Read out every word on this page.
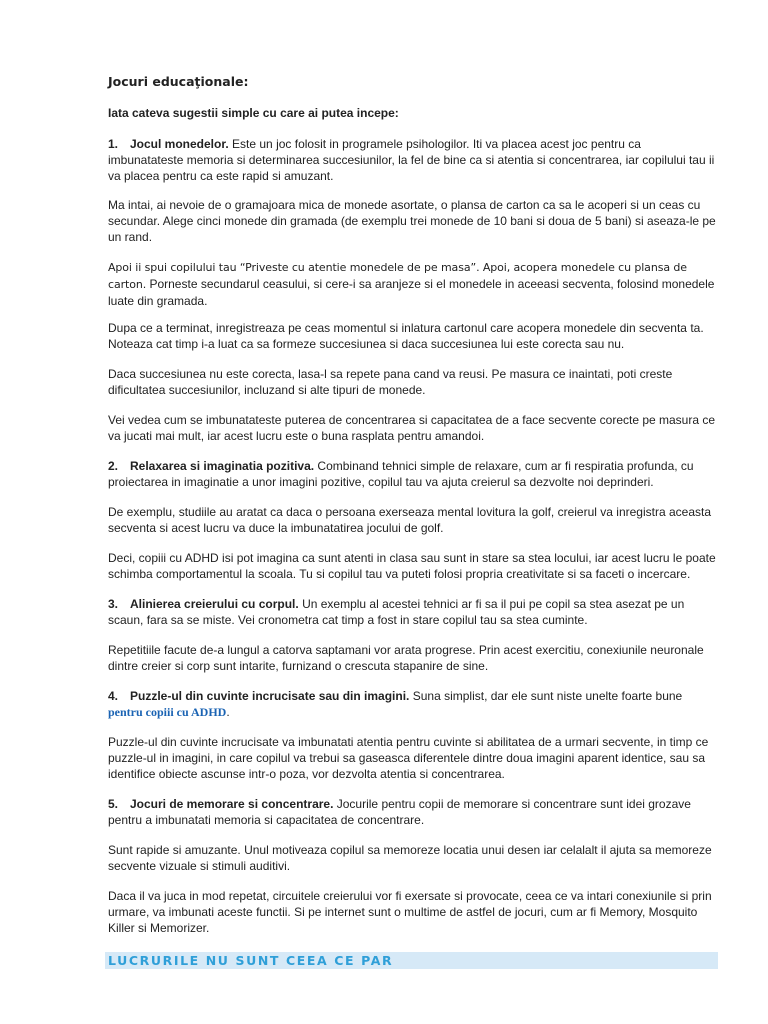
Jocuri educaţionale:

Iata cateva sugestii simple cu care ai putea incepe:

1. Jocul monedelor. Este un joc folosit in programele psihologilor. Iti va placea acest joc pentru ca imbunatateste memoria si determinarea succesiunilor, la fel de bine ca si atentia si concentrarea, iar copilului tau ii va placea pentru ca este rapid si amuzant.

Ma intai, ai nevoie de o gramajoara mica de monede asortate, o plansa de carton ca sa le acoperi si un ceas cu secundar. Alege cinci monede din gramada (de exemplu trei monede de 10 bani si doua de 5 bani) si aseaza-le pe un rand.

Apoi ii spui copilului tau “Priveste cu atentie monedele de pe masa”. Apoi, acopera monedele cu plansa de carton. Porneste secundarul ceasului, si cere-i sa aranjeze si el monedele in aceeasi secventa, folosind monedele luate din gramada.

Dupa ce a terminat, inregistreaza pe ceas momentul si inlatura cartonul care acopera monedele din secventa ta. Noteaza cat timp i-a luat ca sa formeze succesiunea si daca succesiunea lui este corecta sau nu.

Daca succesiunea nu este corecta, lasa-l sa repete pana cand va reusi. Pe masura ce inaintati, poti creste dificultatea succesiunilor, incluzand si alte tipuri de monede.

Vei vedea cum se imbunatateste puterea de concentrarea si capacitatea de a face secvente corecte pe masura ce va jucati mai mult, iar acest lucru este o buna rasplata pentru amandoi.

2. Relaxarea si imaginatia pozitiva. Combinand tehnici simple de relaxare, cum ar fi respiratia profunda, cu proiectarea in imaginatie a unor imagini pozitive, copilul tau va ajuta creierul sa dezvolte noi deprinderi.

De exemplu, studiile au aratat ca daca o persoana exerseaza mental lovitura la golf, creierul va inregistra aceasta secventa si acest lucru va duce la imbunatatirea jocului de golf.

Deci, copiii cu ADHD isi pot imagina ca sunt atenti in clasa sau sunt in stare sa stea locului, iar acest lucru le poate schimba comportamentul la scoala. Tu si copilul tau va puteti folosi propria creativitate si sa faceti o incercare.

3. Alinierea creierului cu corpul. Un exemplu al acestei tehnici ar fi sa il pui pe copil sa stea asezat pe un scaun, fara sa se miste. Vei cronometra cat timp a fost in stare copilul tau sa stea cuminte.

Repetitiile facute de-a lungul a catorva saptamani vor arata progrese. Prin acest exercitiu, conexiunile neuronale dintre creier si corp sunt intarite, furnizand o crescuta stapanire de sine.

4. Puzzle-ul din cuvinte incrucisate sau din imagini. Suna simplist, dar ele sunt niste unelte foarte bune pentru copiii cu ADHD.

Puzzle-ul din cuvinte incrucisate va imbunatati atentia pentru cuvinte si abilitatea de a urmari secvente, in timp ce puzzle-ul in imagini, in care copilul va trebui sa gaseasca diferentele dintre doua imagini aparent identice, sau sa identifice obiecte ascunse intr-o poza, vor dezvolta atentia si concentrarea.

5. Jocuri de memorare si concentrare. Jocurile pentru copii de memorare si concentrare sunt idei grozave pentru a imbunatati memoria si capacitatea de concentrare.

Sunt rapide si amuzante. Unul motiveaza copilul sa memoreze locatia unui desen iar celalalt il ajuta sa memoreze secvente vizuale si stimuli auditivi.

Daca il va juca in mod repetat, circuitele creierului vor fi exersate si provocate, ceea ce va intari conexiunile si prin urmare, va imbunati aceste functii. Si pe internet sunt o multime de astfel de jocuri, cum ar fi Memory, Mosquito Killer si Memorizer.

LUCRURILE NU SUNT CEEA CE PAR
